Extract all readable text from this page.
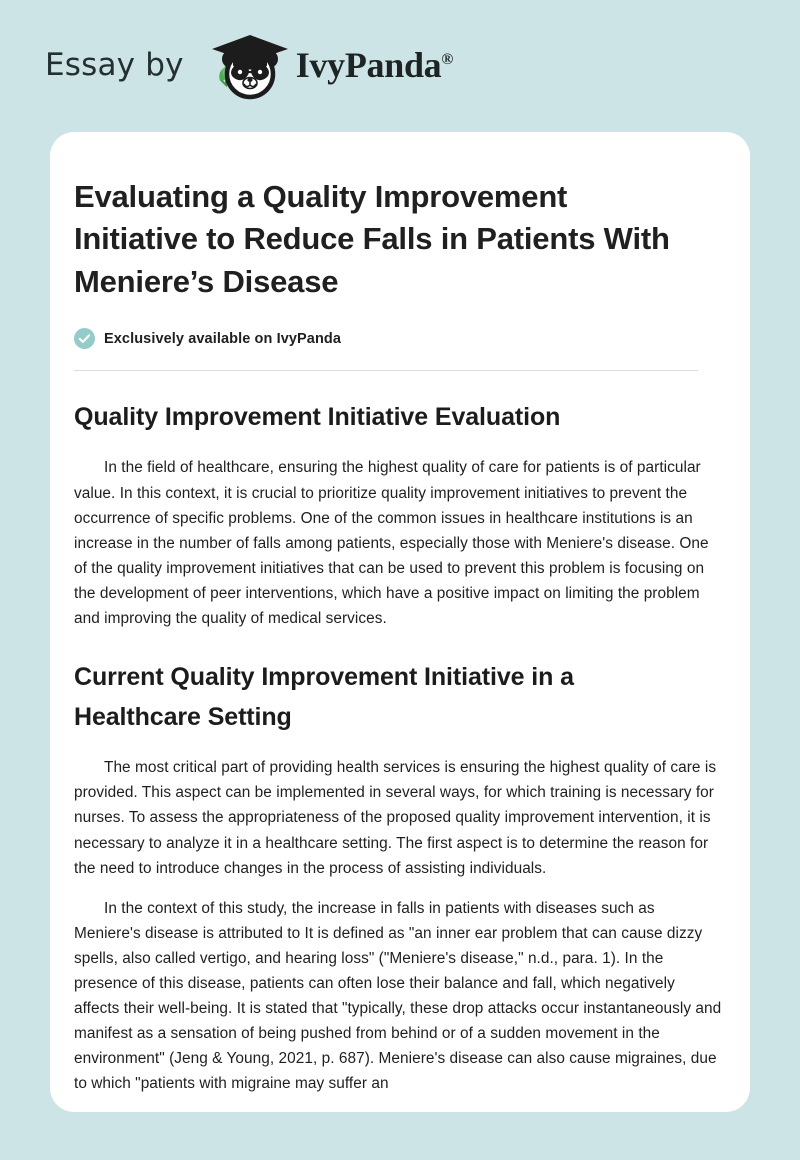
Essay by	IvyPanda®
Evaluating a Quality Improvement Initiative to Reduce Falls in Patients With Meniere’s Disease
Exclusively available on IvyPanda
Quality Improvement Initiative Evaluation

In the field of healthcare, ensuring the highest quality of care for patients is of particular value. In this context, it is crucial to prioritize quality improvement initiatives to prevent the occurrence of specific problems. One of the common issues in healthcare institutions is an increase in the number of falls among patients, especially those with Meniere's disease. One of the quality improvement initiatives that can be used to prevent this problem is focusing on the development of peer interventions, which have a positive impact on limiting the problem and improving the quality of medical services.

Current Quality Improvement Initiative in a Healthcare Setting

The most critical part of providing health services is ensuring the highest quality of care is provided. This aspect can be implemented in several ways, for which training is necessary for nurses. To assess the appropriateness of the proposed quality improvement intervention, it is necessary to analyze it in a healthcare setting. The first aspect is to determine the reason for the need to introduce changes in the process of assisting individuals.

In the context of this study, the increase in falls in patients with diseases such as Meniere's disease is attributed to It is defined as "an inner ear problem that can cause dizzy spells, also called vertigo, and hearing loss" ("Meniere's disease," n.d., para. 1). In the presence of this disease, patients can often lose their balance and fall, which negatively affects their well-being. It is stated that "typically, these drop attacks occur instantaneously and manifest as a sensation of being pushed from behind or of a sudden movement in the environment" (Jeng & Young, 2021, p. 687). Meniere's disease can also cause migraines, due to which "patients with migraine may suffer an
